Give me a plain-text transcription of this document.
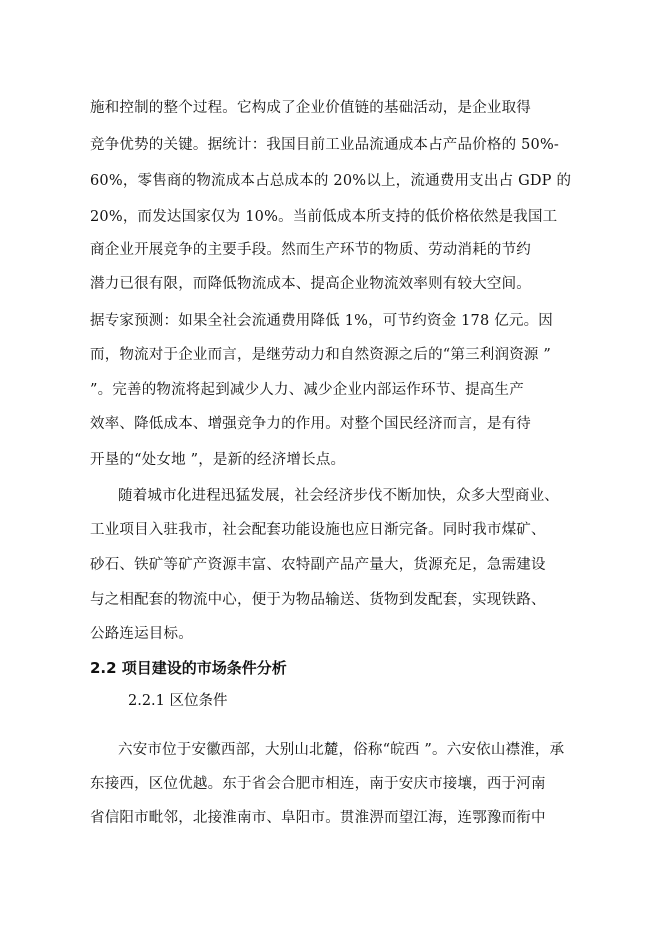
施和控制的整个过程。它构成了企业价值链的基础活动，是企业取得
竞争优势的关键。据统计：我国目前工业品流通成本占产品价格的 50%-
60%，零售商的物流成本占总成本的 20%以上，流通费用支出占 GDP 的
20%，而发达国家仅为 10%。当前低成本所支持的低价格依然是我国工
商企业开展竞争的主要手段。然而生产环节的物质、劳动消耗的节约
潜力已很有限，而降低物流成本、提高企业物流效率则有较大空间。
据专家预测：如果全社会流通费用降低 1%，可节约资金 178 亿元。因
而，物流对于企业而言，是继劳动力和自然资源之后的“第三利润资源 ”
”。完善的物流将起到减少人力、减少企业内部运作环节、提高生产
效率、降低成本、增强竞争力的作用。对整个国民经济而言，是有待
开垦的“处女地 ”，是新的经济增长点。
随着城市化进程迅猛发展，社会经济步伐不断加快，众多大型商业、
工业项目入驻我市，社会配套功能设施也应日渐完备。同时我市煤矿、
砂石、铁矿等矿产资源丰富、农特副产品产量大，货源充足，急需建设
与之相配套的物流中心，便于为物品输送、货物到发配套，实现铁路、
公路连运目标。
2.2 项目建设的市场条件分析
2.2.1 区位条件
六安市位于安徽西部，大别山北麓，俗称“皖西 ”。六安依山襟淮，承
东接西，区位优越。东于省会合肥市相连，南于安庆市接壤，西于河南
省信阳市毗邻，北接淮南市、阜阳市。贯淮淠而望江海，连鄂豫而衔中
